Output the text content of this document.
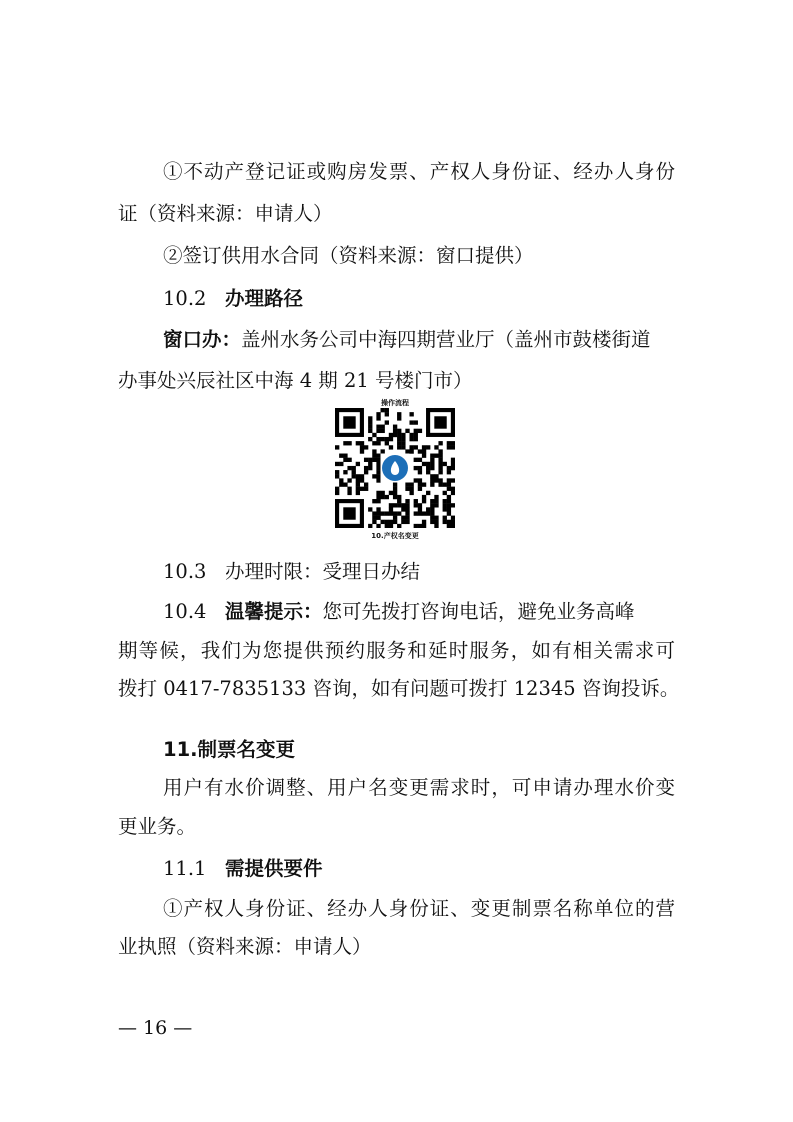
①不动产登记证或购房发票、产权人身份证、经办人身份
证（资料来源：申请人）
②签订供用水合同（资料来源：窗口提供）
10.2 办理路径
窗口办：盖州水务公司中海四期营业厅（盖州市鼓楼街道
办事处兴辰社区中海 4 期 21 号楼门市）
操作流程
10.产权名变更
10.3 办理时限：受理日办结
10.4 温馨提示：您可先拨打咨询电话，避免业务高峰
期等候，我们为您提供预约服务和延时服务，如有相关需求可
拨打 0417-7835133 咨询，如有问题可拨打 12345 咨询投诉。
11.制票名变更
用户有水价调整、用户名变更需求时，可申请办理水价变
更业务。
11.1 需提供要件
①产权人身份证、经办人身份证、变更制票名称单位的营
业执照（资料来源：申请人）
— 16 —
